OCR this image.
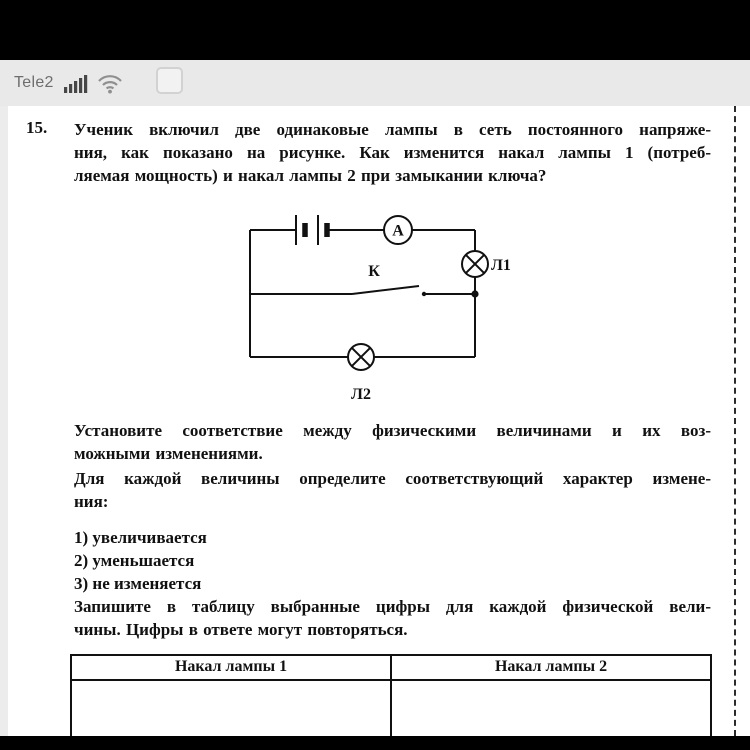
Tele2
15. Ученик включил две одинаковые лампы в сеть постоянного напряже-
ния, как показано на рисунке. Как изменится накал лампы 1 (потреб-
ляемая мощность) и накал лампы 2 при замыкании ключа?
А
К	Л1
Л2
Установите соответствие между физическими величинами и их воз-
можными изменениями.
Для каждой величины определите соответствующий характер измене-
ния:
1) увеличивается
2) уменьшается
3) не изменяется
Запишите в таблицу выбранные цифры для каждой физической вели-
чины. Цифры в ответе могут повторяться.
Накал лампы 1	Накал лампы 2
